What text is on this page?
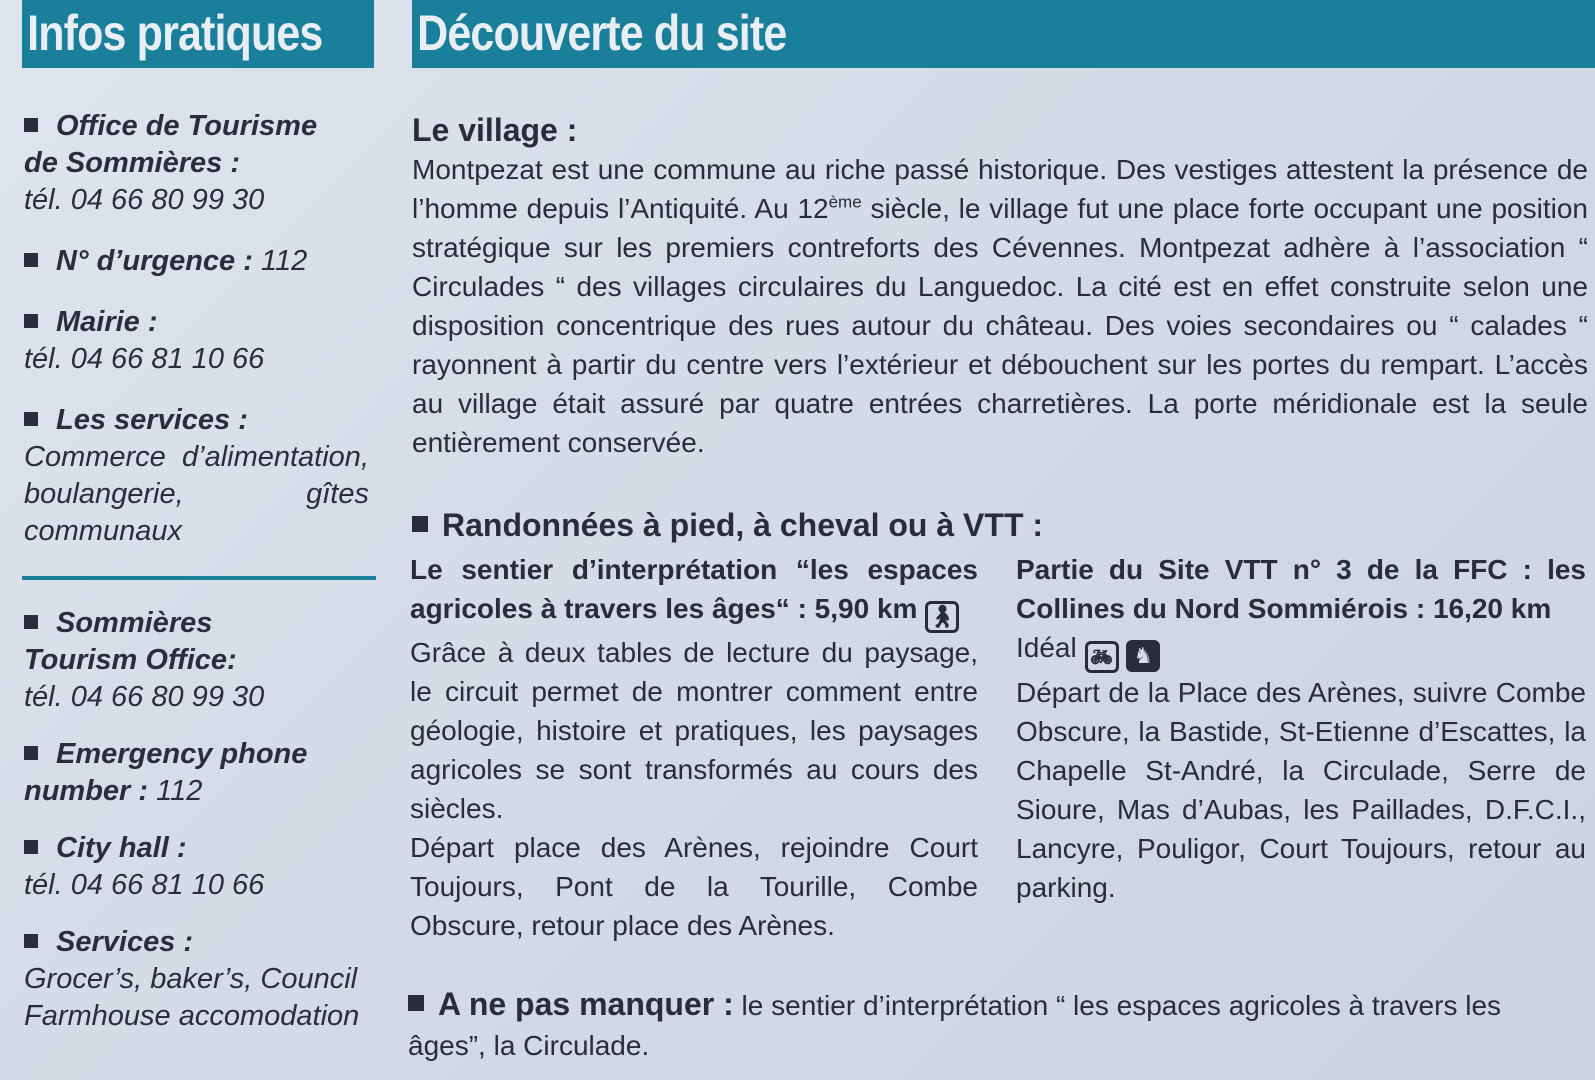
Infos pratiques	Découverte du site
Office de Tourisme
de Sommières :
tél. 04 66 80 99 30
N° d’urgence : 112
Mairie :
tél. 04 66 81 10 66
Les services :
Commerce d’alimentation, boulangerie, gîtes communaux
Sommières
Tourism Office:
tél. 04 66 80 99 30
Emergency phone
number : 112
City hall :
tél. 04 66 81 10 66
Services :
Grocer’s, baker’s, Council Farmhouse accomodation
Le village :
Montpezat est une commune au riche passé historique. Des vestiges attestent la présence de l’homme depuis l’Antiquité. Au 12ème siècle, le village fut une place forte occupant une position stratégique sur les premiers contreforts des Cévennes. Montpezat adhère à l’association “ Circulades “ des villages circulaires du Languedoc. La cité est en effet construite selon une disposition concentrique des rues autour du château. Des voies secondaires ou “ calades “ rayonnent à partir du centre vers l’extérieur et débouchent sur les portes du rempart. L’accès au village était assuré par quatre entrées charretières. La porte méridionale est la seule entièrement conservée.
Randonnées à pied, à cheval ou à VTT :
Le sentier d’interprétation “les espaces agricoles à travers les âges“ : 5,90 km 🚶︎
Grâce à deux tables de lecture du paysage, le circuit permet de montrer comment entre géologie, histoire et pratiques, les paysages agricoles se sont transformés au cours des siècles.
Départ place des Arènes, rejoindre Court Toujours, Pont de la Tourille, Combe Obscure, retour place des Arènes.
Partie du Site VTT n° 3 de la FFC : les Collines du Nord Sommiérois : 16,20 km
Idéal 🚲︎ ♞
Départ de la Place des Arènes, suivre Combe Obscure, la Bastide, St-Etienne d’Escattes, la Chapelle St-André, la Circulade, Serre de Sioure, Mas d’Aubas, les Paillades, D.F.C.I., Lancyre, Pouligor, Court Toujours, retour au parking.
A ne pas manquer : le sentier d’interprétation “ les espaces agricoles à travers les âges”, la Circulade.
